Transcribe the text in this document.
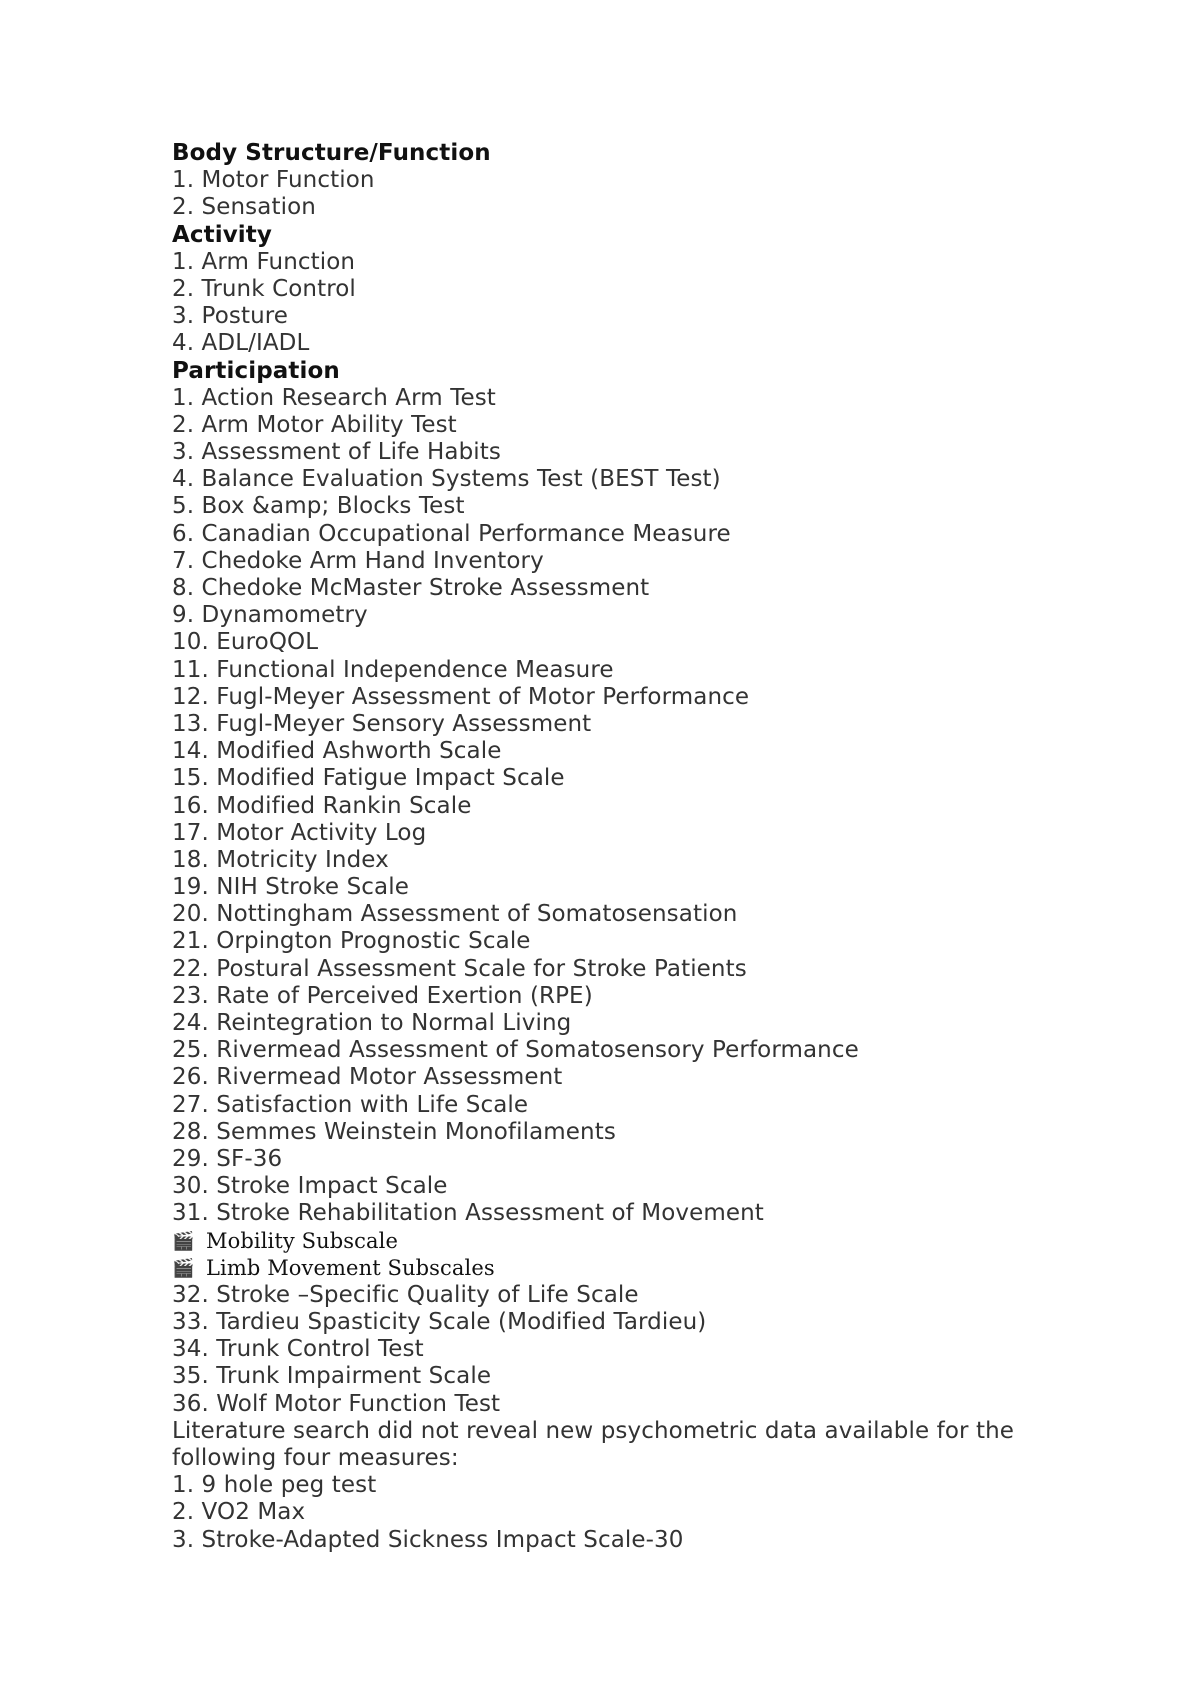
Body Structure/Function
1. Motor Function
2. Sensation
Activity
1. Arm Function
2. Trunk Control
3. Posture
4. ADL/IADL
Participation
1. Action Research Arm Test
2. Arm Motor Ability Test
3. Assessment of Life Habits
4. Balance Evaluation Systems Test (BEST Test)
5. Box &amp; Blocks Test
6. Canadian Occupational Performance Measure
7. Chedoke Arm Hand Inventory
8. Chedoke McMaster Stroke Assessment
9. Dynamometry
10. EuroQOL
11. Functional Independence Measure
12. Fugl-Meyer Assessment of Motor Performance
13. Fugl-Meyer Sensory Assessment
14. Modified Ashworth Scale
15. Modified Fatigue Impact Scale
16. Modified Rankin Scale
17. Motor Activity Log
18. Motricity Index
19. NIH Stroke Scale
20. Nottingham Assessment of Somatosensation
21. Orpington Prognostic Scale
22. Postural Assessment Scale for Stroke Patients
23. Rate of Perceived Exertion (RPE)
24. Reintegration to Normal Living
25. Rivermead Assessment of Somatosensory Performance
26. Rivermead Motor Assessment
27. Satisfaction with Life Scale
28. Semmes Weinstein Monofilaments
29. SF-36
30. Stroke Impact Scale
31. Stroke Rehabilitation Assessment of Movement
🎬 Mobility Subscale
🎬 Limb Movement Subscales
32. Stroke –Specific Quality of Life Scale
33. Tardieu Spasticity Scale (Modified Tardieu)
34. Trunk Control Test
35. Trunk Impairment Scale
36. Wolf Motor Function Test
Literature search did not reveal new psychometric data available for the following four measures:
1. 9 hole peg test
2. VO2 Max
3. Stroke-Adapted Sickness Impact Scale-30
